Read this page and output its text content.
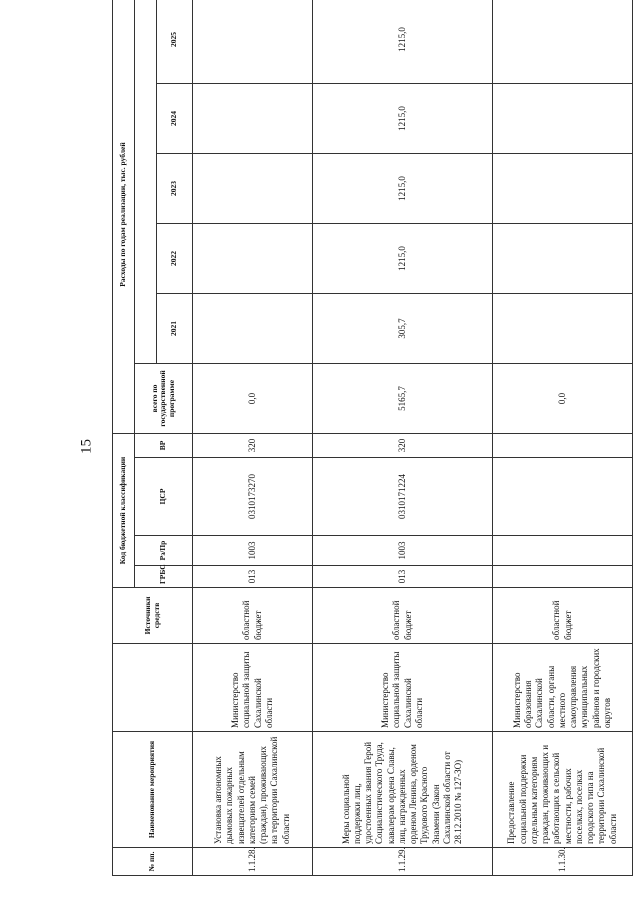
15
№ пп.	Наименование мероприятия		Источники средств	Код бюджетной классификации				Расходы по годам реализации, тыс. рублей					
				ГРБС	Рз/Пр	ЦСР	ВР	всего по государственной программе					
									2021	2022	2023	2024	2025
1.1.28.	Установка автономных дымовых пожарных извещателей отдельным категориям семей (граждан), проживающих на территории Сахалинской области	Министерство социальной защиты Сахалинской области	областной бюджет	013	1003	0310173270	320	0,0					
1.1.29.	Меры социальной поддержки лиц, удостоенных звания Герой Социалистического Труда, кавалерам ордена Славы, лиц, награжденных орденом Ленина, орденом Трудового Красного Знамени (Закон Сахалинской области от 28.12.2010 № 127-ЗО)	Министерство социальной защиты Сахалинской области	областной бюджет	013	1003	0310171224	320	5165,7	305,7	1215,0	1215,0	1215,0	1215,0
1.1.30.	Предоставление социальной поддержки отдельным категориям граждан, проживающих и работающих в сельской местности, рабочих поселках, поселках городского типа на территории Сахалинской области	Министерство образования Сахалинской области, органы местного самоуправления муниципальных районов и городских округов	областной бюджет					0,0					
